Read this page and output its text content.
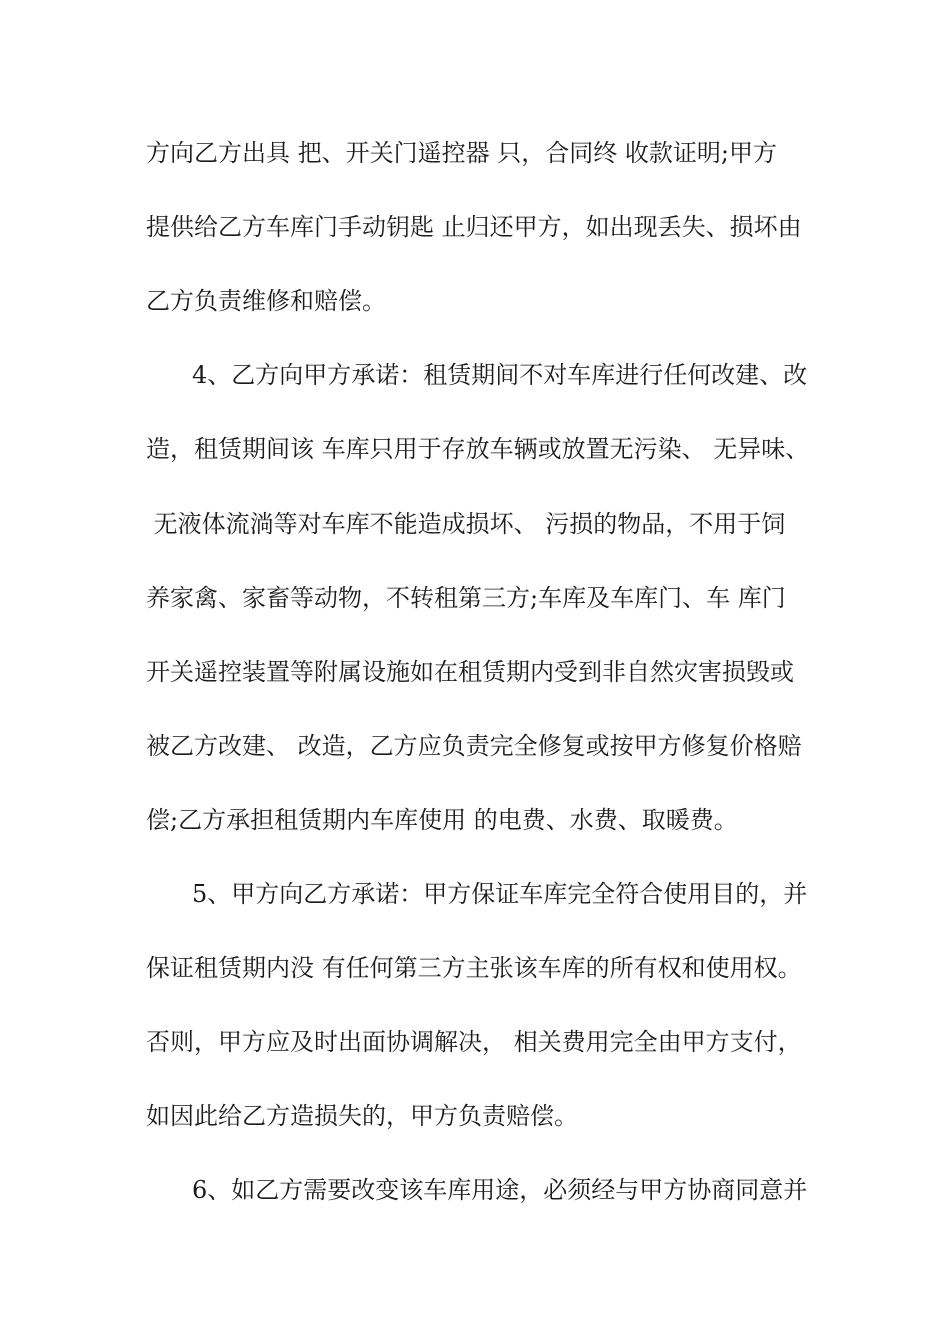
方向乙方出具 把、开关门遥控器 只，合同终 收款证明;甲方
提供给乙方车库门手动钥匙 止归还甲方，如出现丢失、损坏由
乙方负责维修和赔偿。
4、乙方向甲方承诺：租赁期间不对车库进行任何改建、改
造，租赁期间该 车库只用于存放车辆或放置无污染、 无异味、
无液体流淌等对车库不能造成损坏、 污损的物品，不用于饲
养家禽、家畜等动物，不转租第三方;车库及车库门、车 库门
开关遥控装置等附属设施如在租赁期内受到非自然灾害损毁或
被乙方改建、 改造，乙方应负责完全修复或按甲方修复价格赔
偿;乙方承担租赁期内车库使用 的电费、水费、取暖费。
5、甲方向乙方承诺：甲方保证车库完全符合使用目的，并
保证租赁期内没 有任何第三方主张该车库的所有权和使用权。
否则，甲方应及时出面协调解决， 相关费用完全由甲方支付，
如因此给乙方造损失的，甲方负责赔偿。
6、如乙方需要改变该车库用途，必须经与甲方协商同意并
